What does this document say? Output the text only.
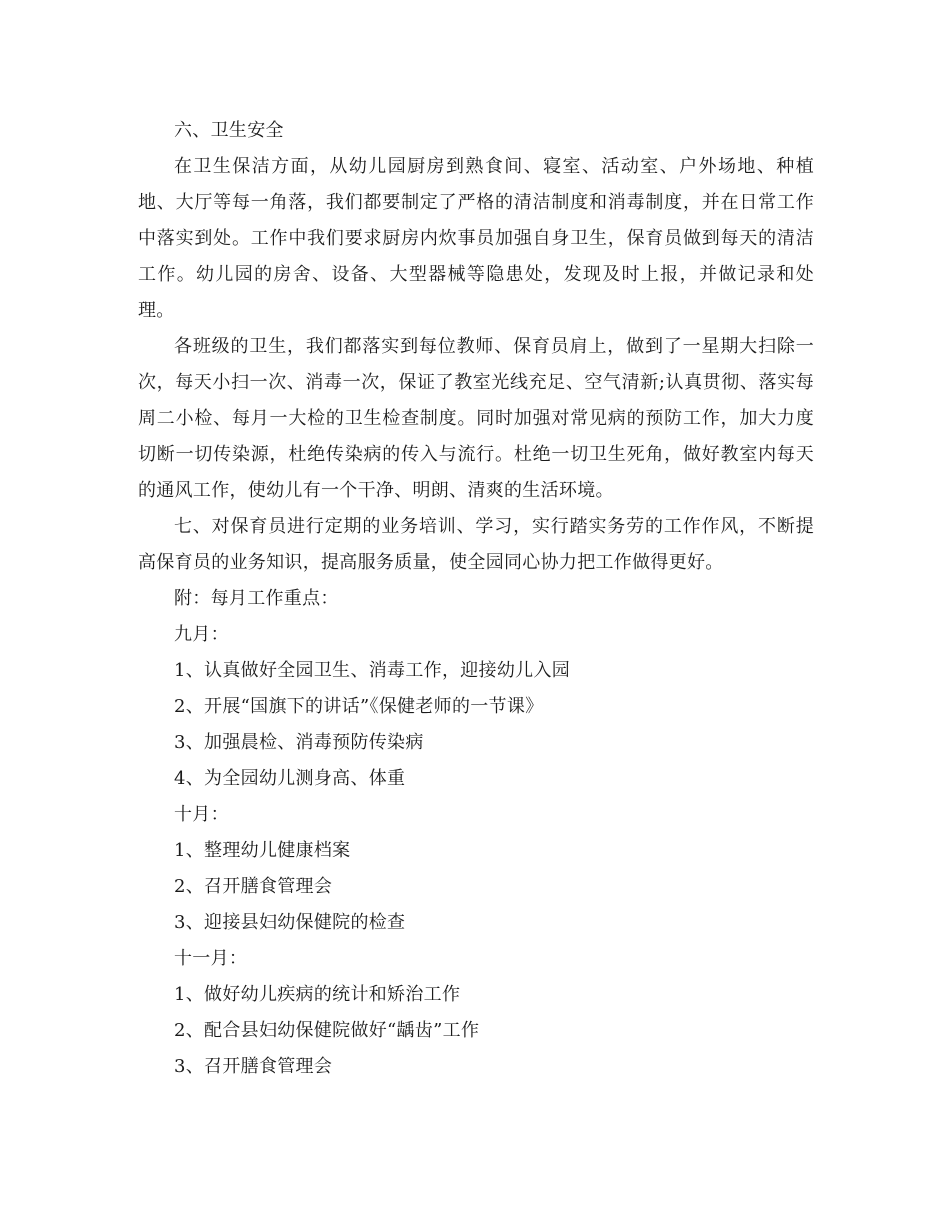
六、卫生安全

在卫生保洁方面，从幼儿园厨房到熟食间、寝室、活动室、户外场地、种植地、大厅等每一角落，我们都要制定了严格的清洁制度和消毒制度，并在日常工作中落实到处。工作中我们要求厨房内炊事员加强自身卫生，保育员做到每天的清洁工作。幼儿园的房舍、设备、大型器械等隐患处，发现及时上报，并做记录和处理。

各班级的卫生，我们都落实到每位教师、保育员肩上，做到了一星期大扫除一次，每天小扫一次、消毒一次，保证了教室光线充足、空气清新;认真贯彻、落实每周二小检、每月一大检的卫生检查制度。同时加强对常见病的预防工作，加大力度切断一切传染源，杜绝传染病的传入与流行。杜绝一切卫生死角，做好教室内每天的通风工作，使幼儿有一个干净、明朗、清爽的生活环境。

七、对保育员进行定期的业务培训、学习，实行踏实务劳的工作作风，不断提高保育员的业务知识，提高服务质量，使全园同心协力把工作做得更好。

附：每月工作重点：

九月：

1、认真做好全园卫生、消毒工作，迎接幼儿入园

2、开展“国旗下的讲话”《保健老师的一节课》

3、加强晨检、消毒预防传染病

4、为全园幼儿测身高、体重

十月：

1、整理幼儿健康档案

2、召开膳食管理会

3、迎接县妇幼保健院的检查

十一月：

1、做好幼儿疾病的统计和矫治工作

2、配合县妇幼保健院做好“龋齿”工作

3、召开膳食管理会
